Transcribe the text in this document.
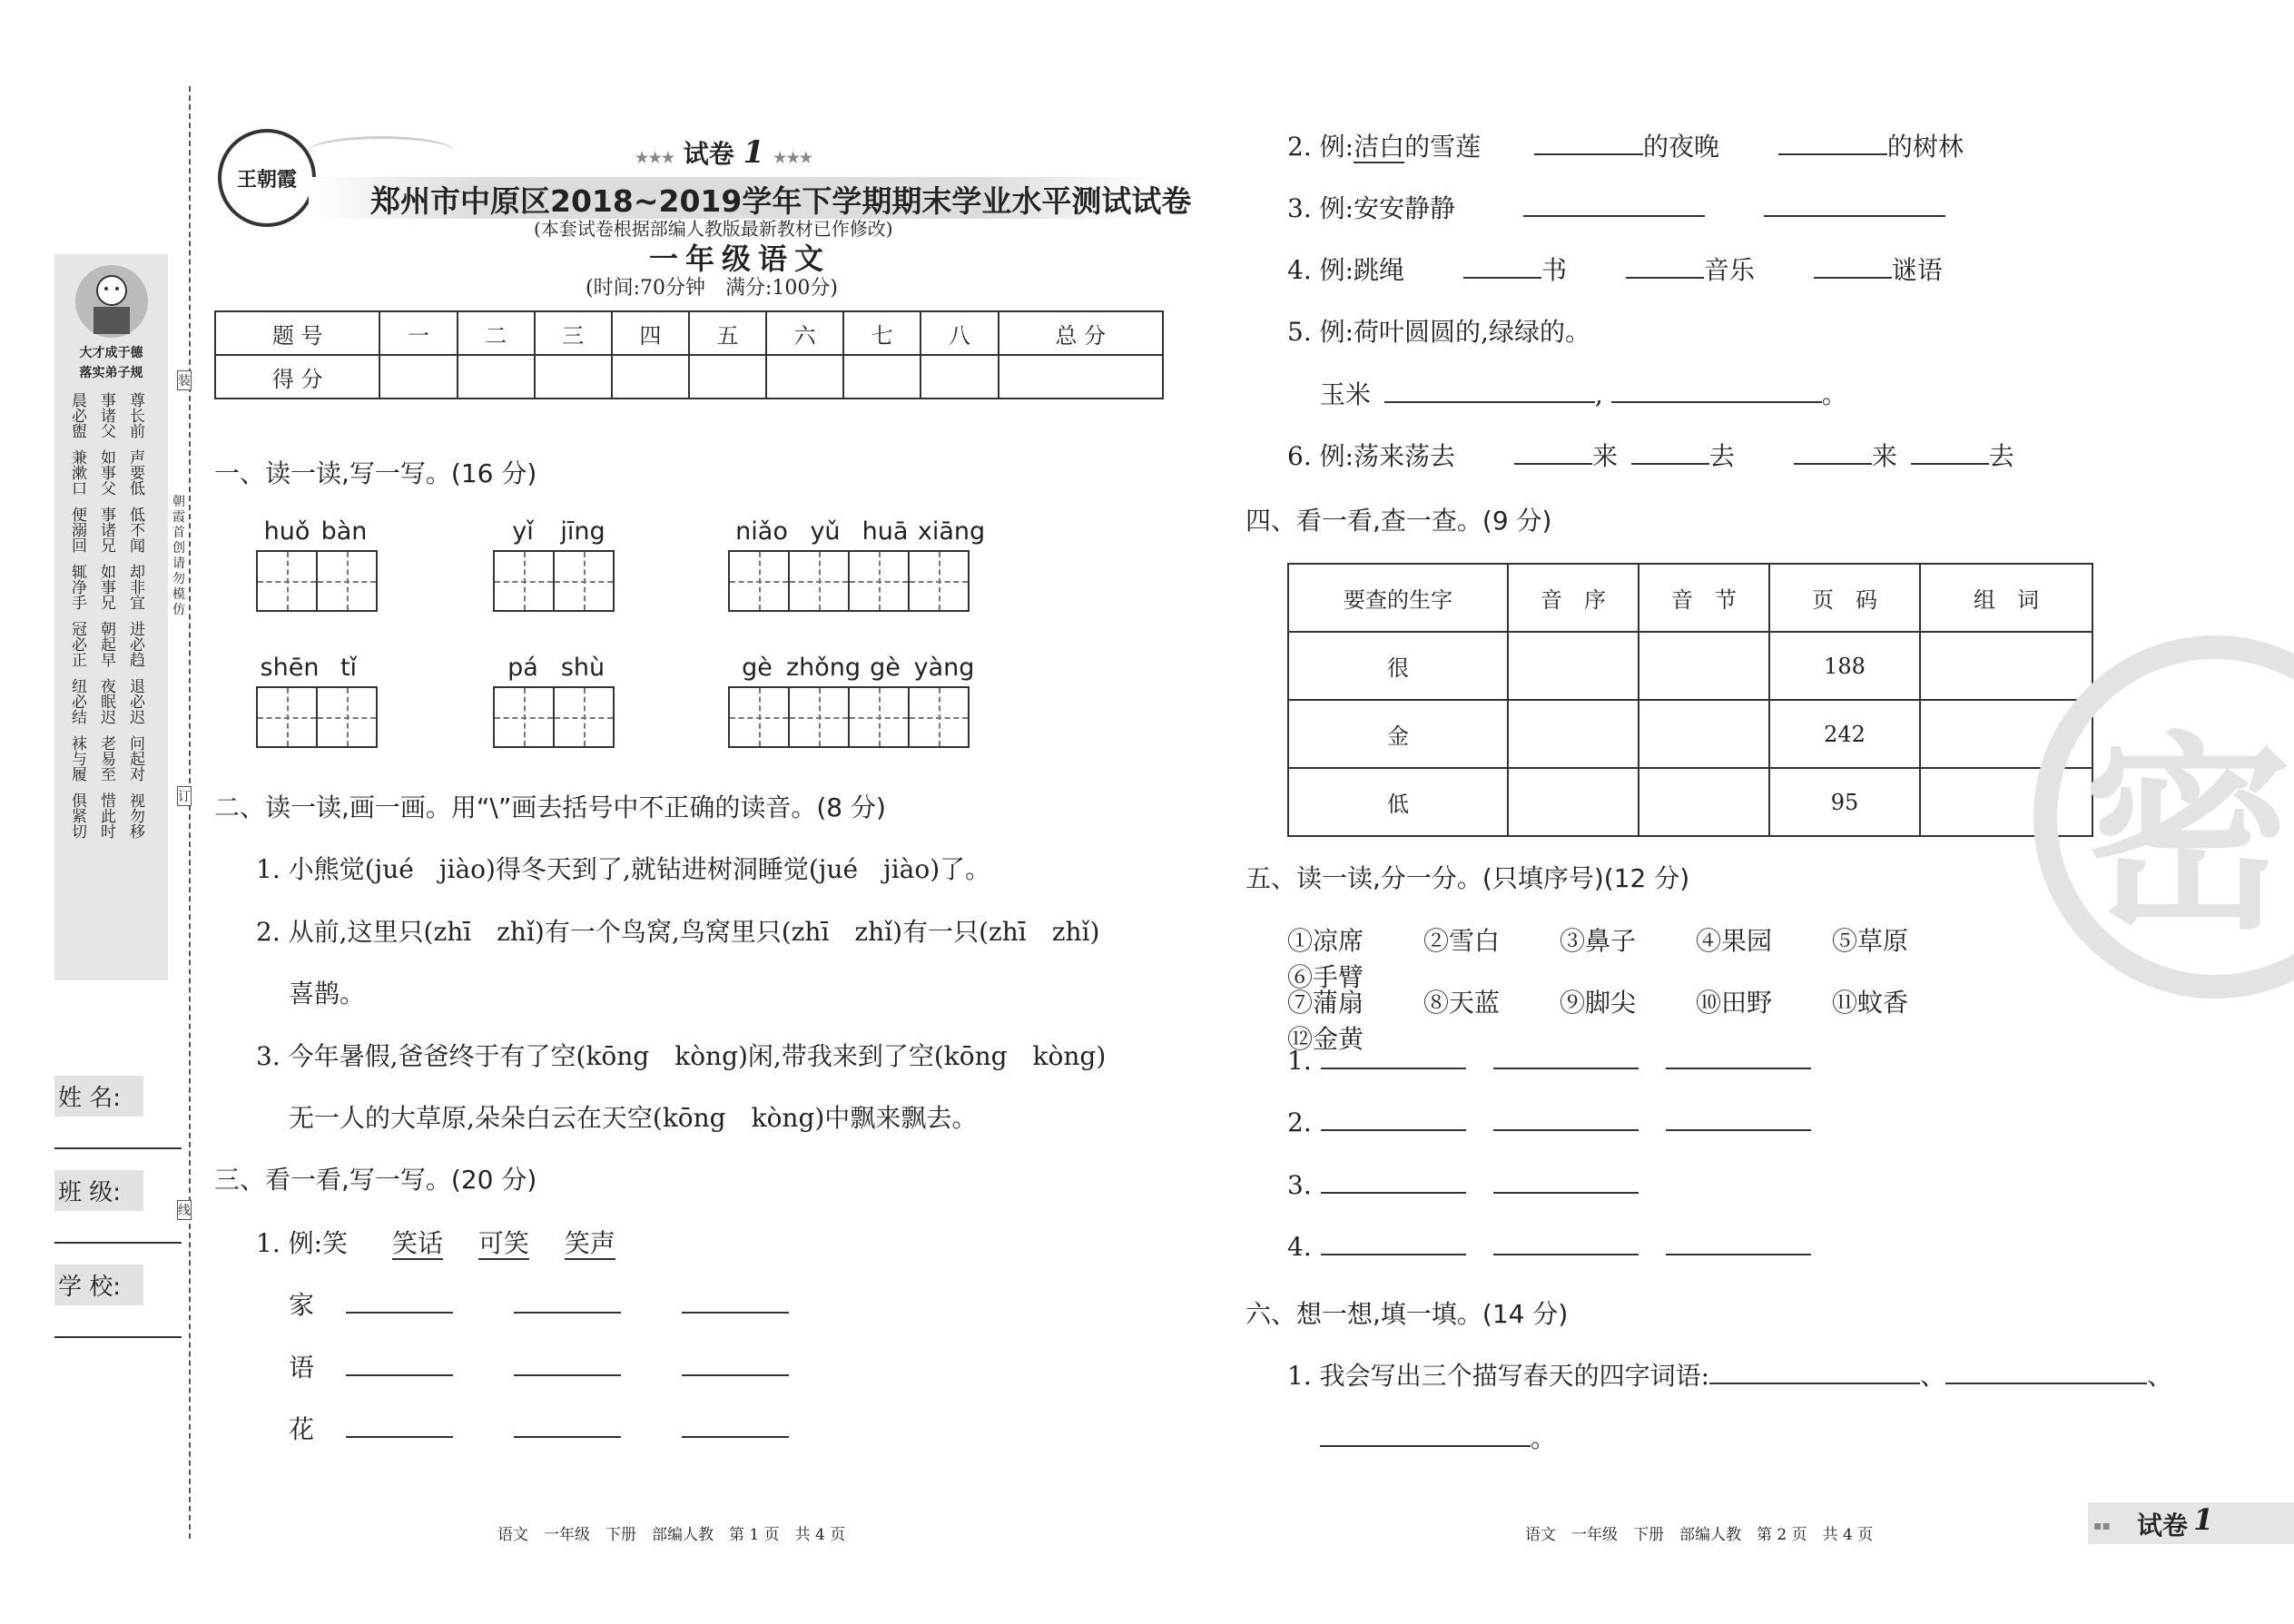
装
订
线
大才成于德
落实弟子规
晨必盥 事诸父 尊长前兼漱口 如事父 声要低便溺回 事诸兄 低不闻辄净手 如事兄 却非宜冠必正 朝起早 进必趋纽必结 夜眠迟 退必迟袜与履 老易至 问起对俱紧切 惜此时 视勿移
朝霞首创 请勿模仿
姓 名:
班 级:
学 校:
王朝霞
★★★ 试卷 1 ★★★
郑州市中原区2018~2019学年下学期期末学业水平测试试卷
(本套试卷根据部编人教版最新教材已作修改)
一年级语文
(时间:70分钟　满分:100分)
题 号	一	二	三	四	五	六	七	八	总 分
得 分									
一、读一读,写一写。(16 分)
huǒ bàn	yǐ jīng	niǎo yǔ huā xiāng
shēn tǐ	pá shù	gè zhǒng gè yàng
二、读一读,画一画。用“\”画去括号中不正确的读音。(8 分)
1. 小熊觉(jué　jiào)得冬天到了,就钻进树洞睡觉(jué　jiào)了。
2. 从前,这里只(zhī　zhǐ)有一个鸟窝,鸟窝里只(zhī　zhǐ)有一只(zhī　zhǐ)
喜鹊。
3. 今年暑假,爸爸终于有了空(kōng　kòng)闲,带我来到了空(kōng　kòng)
无一人的大草原,朵朵白云在天空(kōng　kòng)中飘来飘去。
三、看一看,写一写。(20 分)
1. 例:笑 笑话 可笑 笑声
家
语
花
语文　一年级　下册　部编人教　第 1 页　共 4 页
2. 例:洁白的雪莲	的夜晚	的树林
3. 例:安安静静
4. 例:跳绳	书	音乐	谜语
5. 例:荷叶圆圆的,绿绿的。
玉米	,	。
6. 例:荡来荡去	来	去	来	去
四、看一看,查一查。(9 分)
要查的生字	音　序	音　节	页　码	组　词
很			188	
金			242	
低			95	
五、读一读,分一分。(只填序号)(12 分)
①凉席 ②雪白 ③鼻子 ④果园 ⑤草原⑥手臂
⑦蒲扇 ⑧天蓝 ⑨脚尖 ⑩田野 ⑪蚊香⑫金黄
1.
2.
3.
4.
六、想一想,填一填。(14 分)
1. 我会写出三个描写春天的四字词语:	、	、
。
密
语文　一年级　下册　部编人教　第 2 页　共 4 页	▪▪ 试卷 1
